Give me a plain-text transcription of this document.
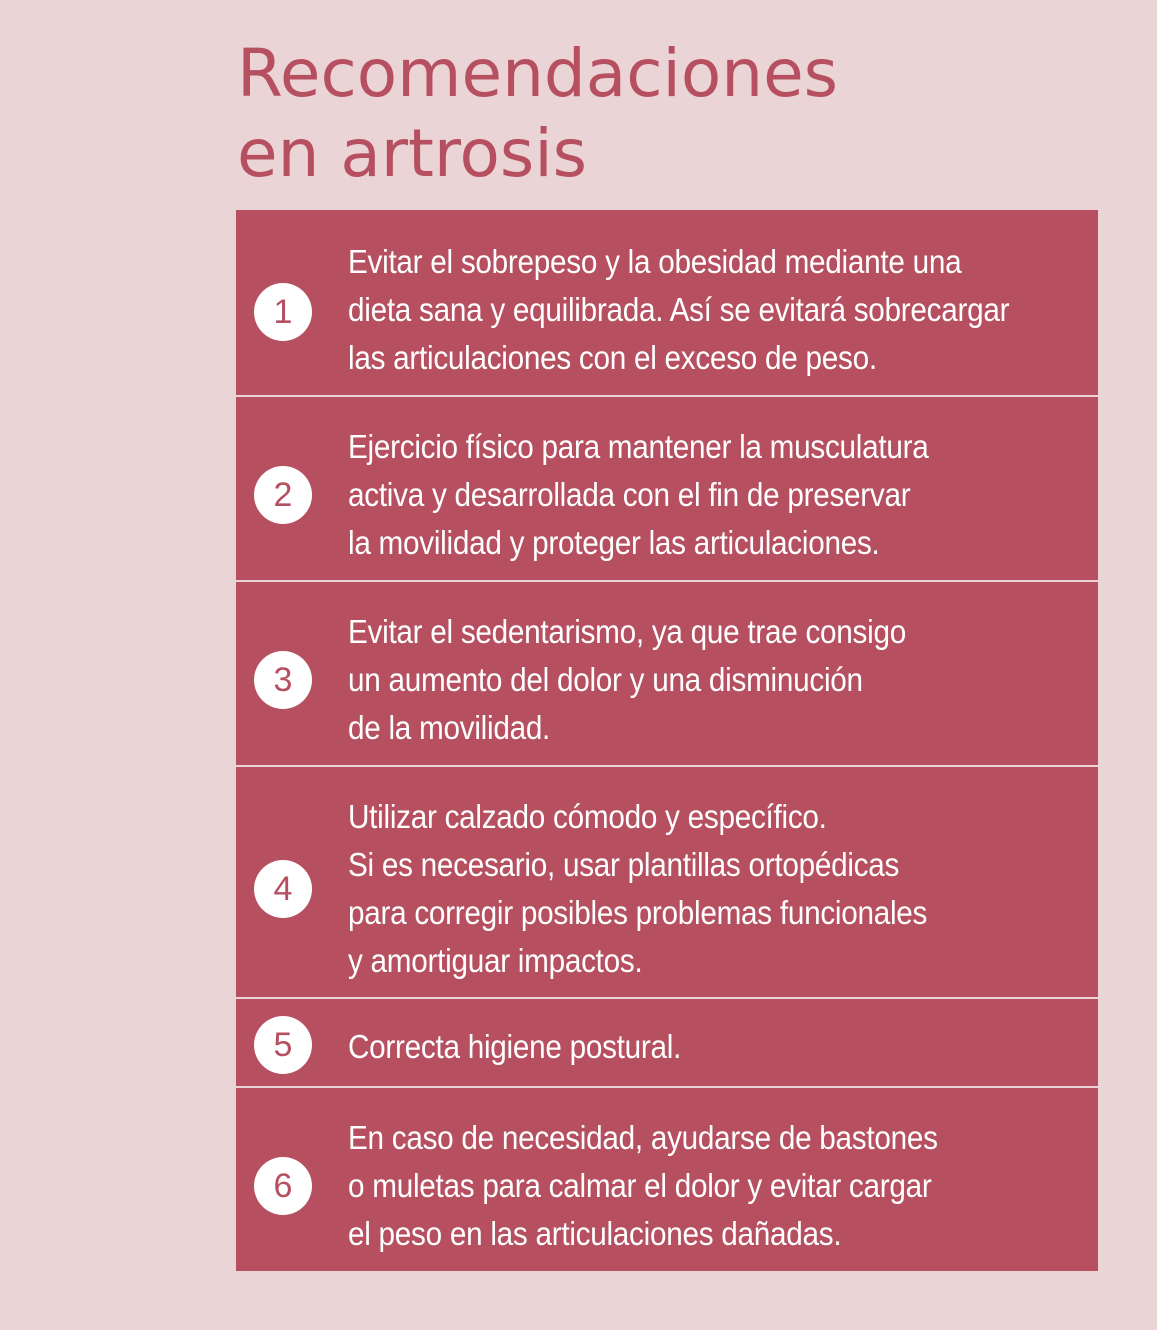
Recomendaciones
en artrosis
1
Evitar el sobrepeso y la obesidad mediante una
dieta sana y equilibrada. Así se evitará sobrecargar
las articulaciones con el exceso de peso.
2
Ejercicio físico para mantener la musculatura
activa y desarrollada con el fin de preservar
la movilidad y proteger las articulaciones.
3
Evitar el sedentarismo, ya que trae consigo
un aumento del dolor y una disminución
de la movilidad.
4
Utilizar calzado cómodo y específico.
Si es necesario, usar plantillas ortopédicas
para corregir posibles problemas funcionales
y amortiguar impactos.
5	Correcta higiene postural.
6
En caso de necesidad, ayudarse de bastones
o muletas para calmar el dolor y evitar cargar
el peso en las articulaciones dañadas.
